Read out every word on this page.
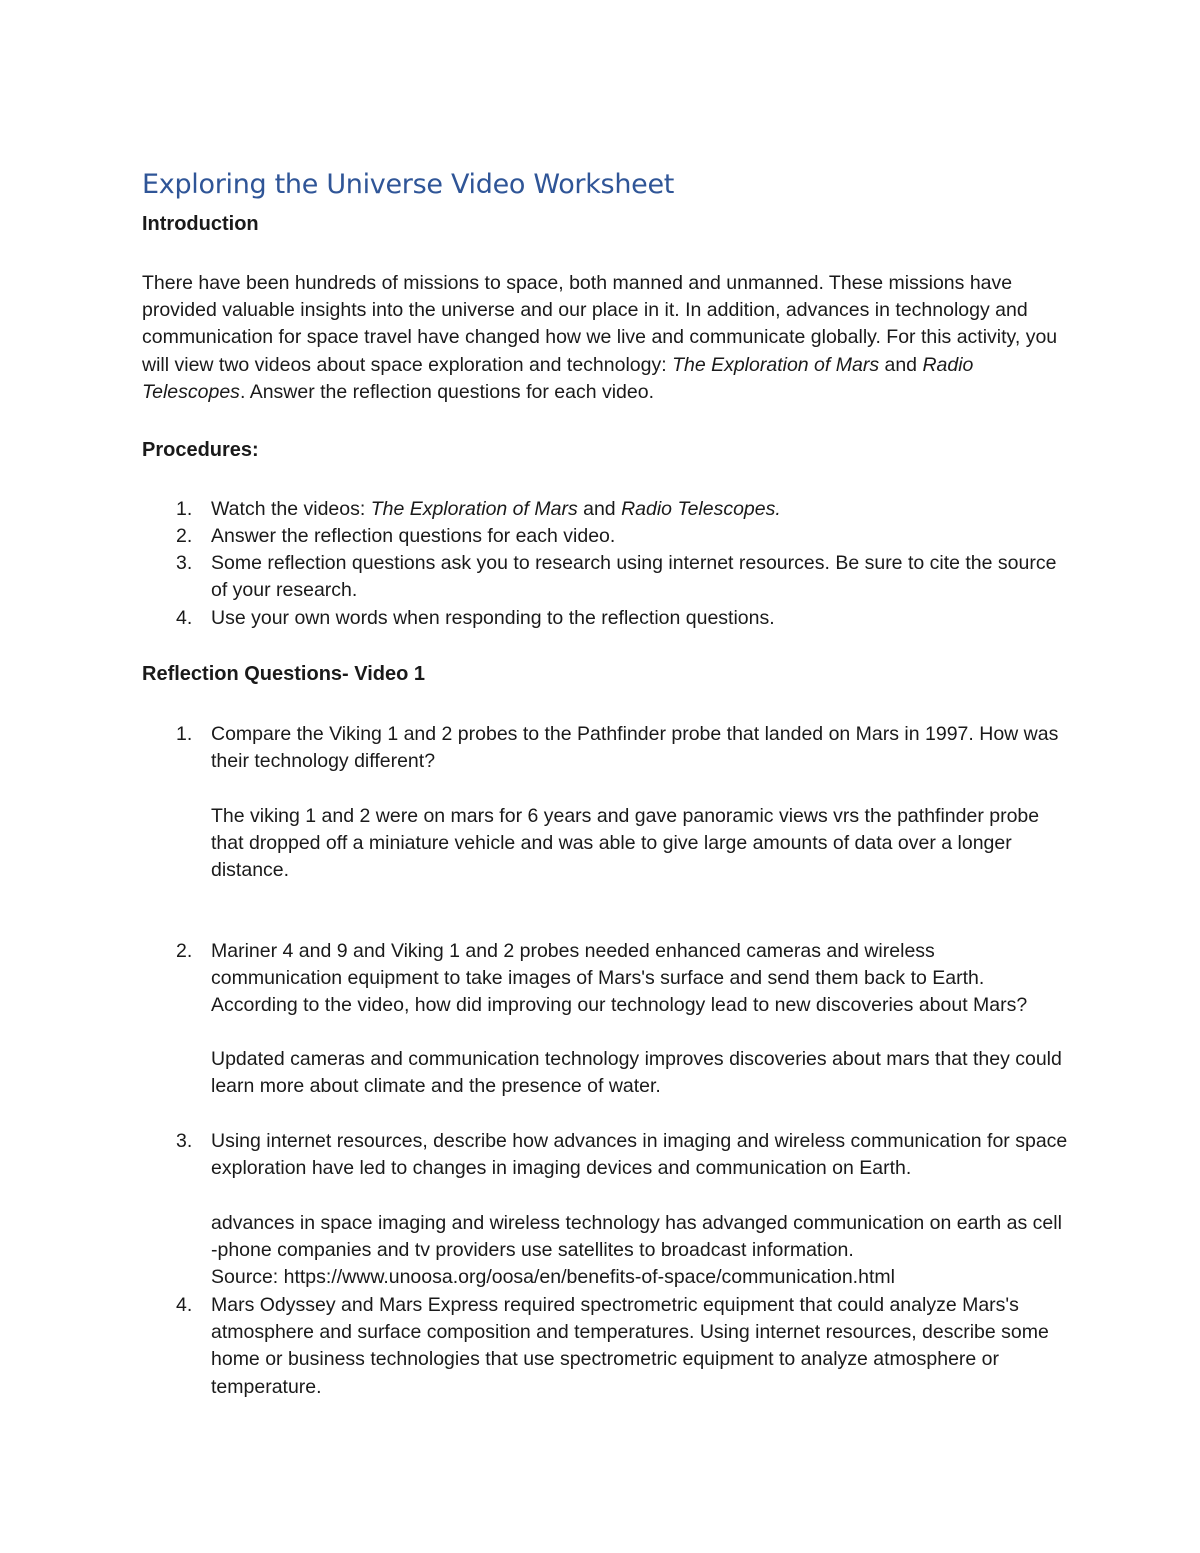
Exploring the Universe Video Worksheet
Introduction

There have been hundreds of missions to space, both manned and unmanned. These missions have provided valuable insights into the universe and our place in it. In addition, advances in technology and communication for space travel have changed how we live and communicate globally. For this activity, you will view two videos about space exploration and technology: The Exploration of Mars and Radio Telescopes. Answer the reflection questions for each video.

Procedures:
1. Watch the videos: The Exploration of Mars and Radio Telescopes.

2. Answer the reflection questions for each video.

3. Some reflection questions ask you to research using internet resources. Be sure to cite the source of your research.

4. Use your own words when responding to the reflection questions.

Reflection Questions- Video 1
1. Compare the Viking 1 and 2 probes to the Pathfinder probe that landed on Mars in 1997. How was their technology different?

The viking 1 and 2 were on mars for 6 years and gave panoramic views vrs the pathfinder probe that dropped off a miniature vehicle and was able to give large amounts of data over a longer distance.

2. Mariner 4 and 9 and Viking 1 and 2 probes needed enhanced cameras and wireless communication equipment to take images of Mars's surface and send them back to Earth. According to the video, how did improving our technology lead to new discoveries about Mars?

Updated cameras and communication technology improves discoveries about mars that they could learn more about climate and the presence of water.

3. Using internet resources, describe how advances in imaging and wireless communication for space exploration have led to changes in imaging devices and communication on Earth.

advances in space imaging and wireless technology has advanged communication on earth as cell -phone companies and tv providers use satellites to broadcast information.

Source: https://www.unoosa.org/oosa/en/benefits-of-space/communication.html

4. Mars Odyssey and Mars Express required spectrometric equipment that could analyze Mars's atmosphere and surface composition and temperatures. Using internet resources, describe some home or business technologies that use spectrometric equipment to analyze atmosphere or temperature.
